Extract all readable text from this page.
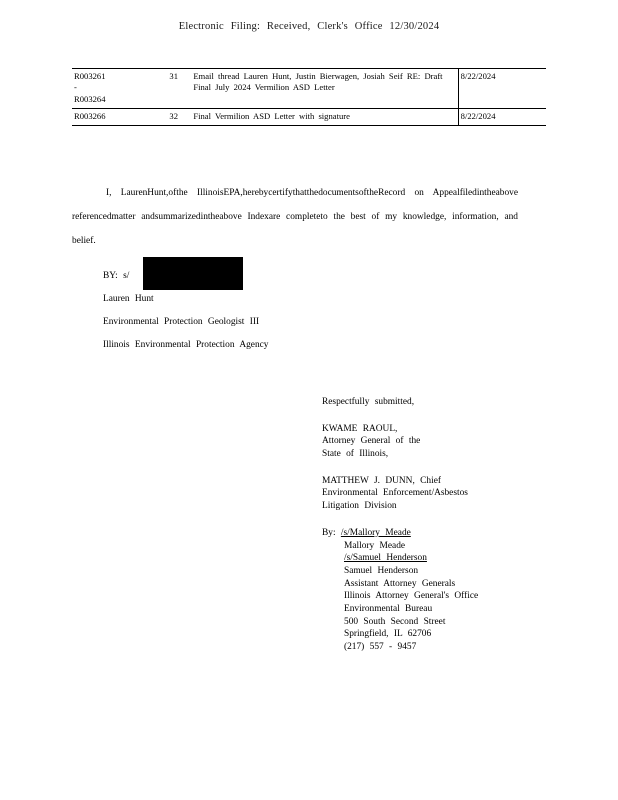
Electronic Filing: Received, Clerk's Office 12/30/2024
R003261
-
R003264	31	Email thread Lauren Hunt, Justin Bierwagen, Josiah Seif RE: Draft Final July 2024 Vermilion ASD Letter	8/22/2024
R003266	32	Final Vermilion ASD Letter with signature	8/22/2024
I, LaurenHunt,ofthe IllinoisEPA,herebycertifythatthedocumentsoftheRecord on Appealfiledintheabove referencedmatter andsummarizedintheabove Indexare completeto the best of my knowledge, information, and belief.
BY: s/
Lauren Hunt
Environmental Protection Geologist III
Illinois Environmental Protection Agency
Respectfully submitted,
KWAME RAOUL,
Attorney General of the
State of Illinois,
MATTHEW J. DUNN, Chief
Environmental Enforcement/Asbestos
Litigation Division
By: /s/Mallory Meade
Mallory Meade
/s/Samuel Henderson
Samuel Henderson
Assistant Attorney Generals
Illinois Attorney General's Office
Environmental Bureau
500 South Second Street
Springfield, IL 62706
(217) 557 - 9457
